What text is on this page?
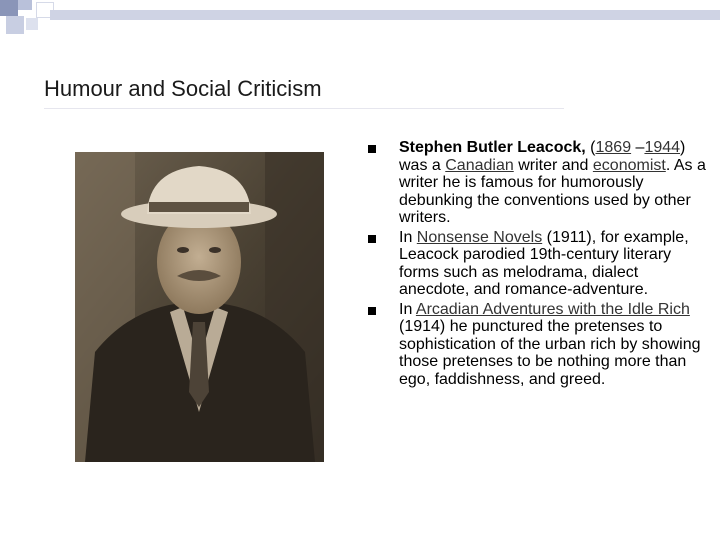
Humour and Social Criticism
Stephen Butler Leacock, (1869 –1944) was a Canadian writer and economist. As a writer he is famous for humorously debunking the conventions used by other writers.
In Nonsense Novels (1911), for example, Leacock parodied 19th-century literary forms such as melodrama, dialect anecdote, and romance-adventure.
In Arcadian Adventures with the Idle Rich (1914) he punctured the pretenses to sophistication of the urban rich by showing those pretenses to be nothing more than ego, faddishness, and greed.
